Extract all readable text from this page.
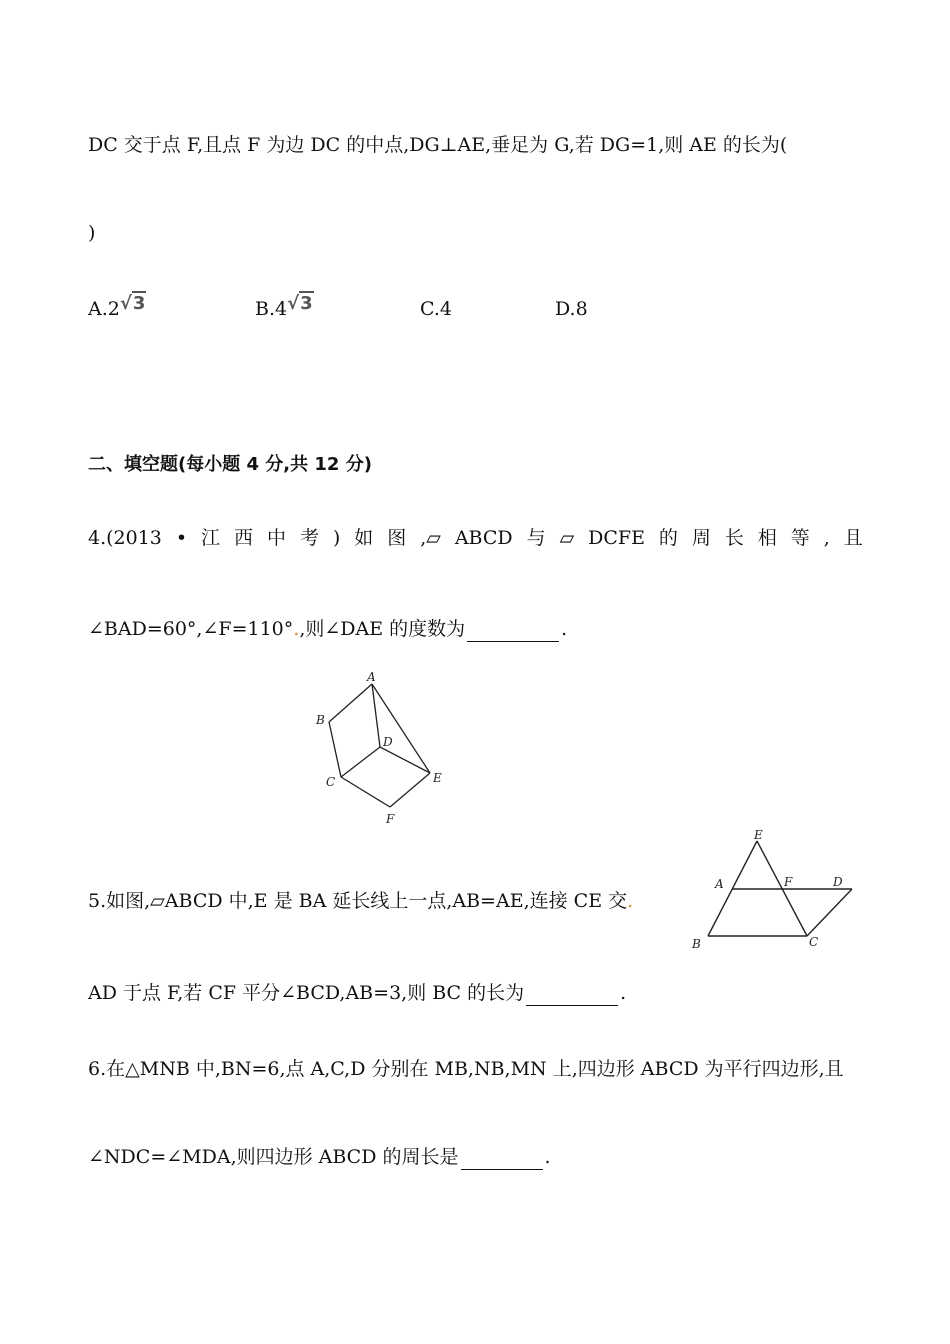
DC 交于点 F,且点 F 为边 DC 的中点,DG⊥AE,垂足为 G,若 DG=1,则 AE 的长为(
)
A.2√3	B.4√3	C.4	D.8
二、填空题(每小题 4 分,共 12 分)
4.(2013 • 江 西 中 考 ) 如 图 ,▱ ABCD 与 ▱ DCFE 的 周 长 相 等 , 且
∠BAD=60°,∠F=110°.,则∠DAE 的度数为	.
A
B
C
D
E
F
5.如图,▱ABCD 中,E 是 BA 延长线上一点,AB=AE,连接 CE 交.
E
A	F	D
B	C
AD 于点 F,若 CF 平分∠BCD,AB=3,则 BC 的长为	.
6.在△MNB 中,BN=6,点 A,C,D 分别在 MB,NB,MN 上,四边形 ABCD 为平行四边形,且
∠NDC=∠MDA,则四边形 ABCD 的周长是	.
